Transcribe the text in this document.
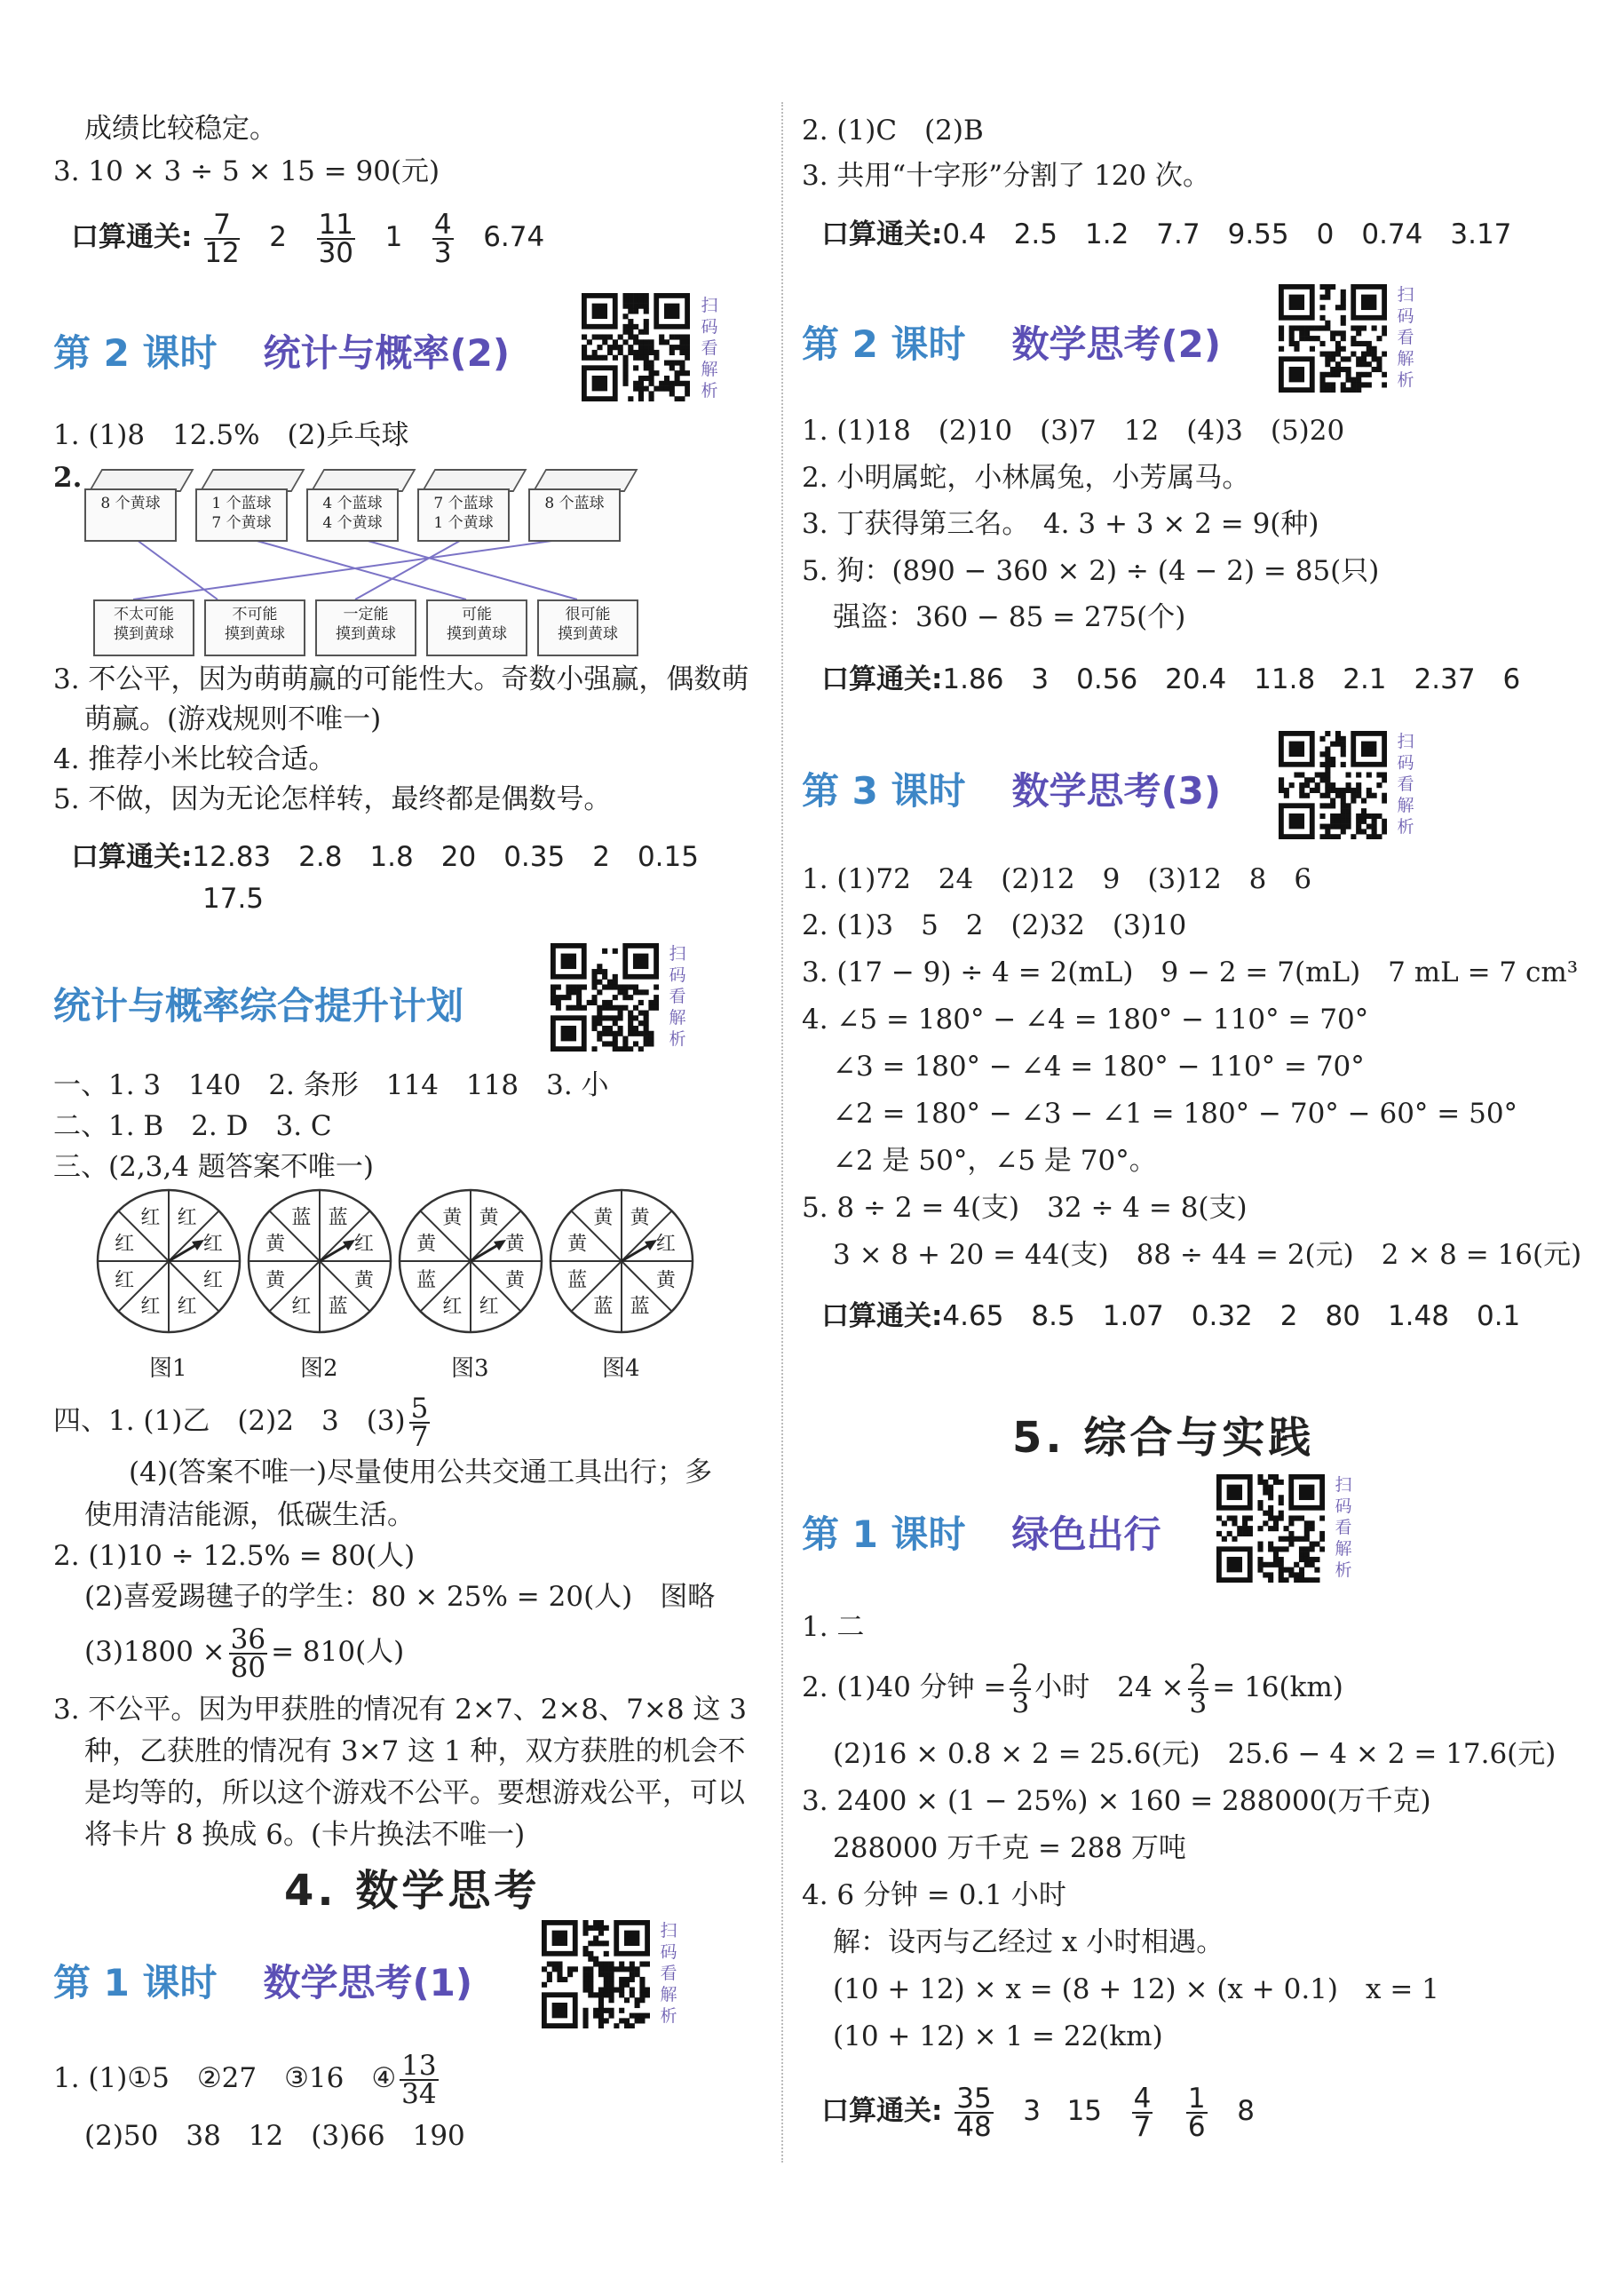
成绩比较稳定。
3. 10 × 3 ÷ 5 × 15 = 90(元)
口算通关: $\frac{7}{12} 2 \frac{11}{30} 1 \frac{4}{3} 6.74$
第 2 课时 统计与概率(2)
扫
码
看
解
析
1. (1)8　12.5%　(2)乒乓球
2.
8 个黄球	1 个蓝球
7 个黄球
4 个蓝球
4 个黄球
7 个蓝球
1 个黄球
8 个蓝球
不太可能
摸到黄球
不可能
摸到黄球
一定能
摸到黄球
可能
摸到黄球
很可能
摸到黄球
3. 不公平，因为萌萌赢的可能性大。奇数小强赢，偶数萌
萌赢。(游戏规则不唯一)
4. 推荐小米比较合适。
5. 不做，因为无论怎样转，最终都是偶数号。
口算通关:12.83　2.8　1.8　20　0.35　2　0.15
17.5
统计与概率综合提升计划
扫
码
看
解
析
一、1. 3　140　2. 条形　114　118　3. 小
二、1. B　2. D　3. C
三、(2,3,4 题答案不唯一)
红
红
红
红
红
红
红
红
图1
蓝
红
黄
蓝
红
黄
黄
蓝
图2
黄
黄
黄
红
红
蓝
黄
黄
图3
黄
红
黄
蓝
蓝
蓝
黄
黄
图4
四、1. (1)乙　(2)2　3　$(3) \frac{5}{7}$
(4)(答案不唯一)尽量使用公共交通工具出行；多
使用清洁能源，低碳生活。
2. (1)10 ÷ 12.5% = 80(人)
(2)喜爱踢毽子的学生：80 × 25% = 20(人)　图略
$(3)1800 \times \frac{36}{80} = 810$(人)
3. 不公平。因为甲获胜的情况有 2×7、2×8、7×8 这 3
种，乙获胜的情况有 3×7 这 1 种，双方获胜的机会不
是均等的，所以这个游戏不公平。要想游戏公平，可以
将卡片 8 换成 6。(卡片换法不唯一)
4. 数学思考
第 1 课时 数学思考(1)
扫
码
看
解
析
1. (1)①5　②27　③16　④ $\frac{13}{34}$
(2)50　38　12　(3)66　190
2. (1)C　(2)B
3. 共用“十字形”分割了 120 次。
口算通关:0.4　2.5　1.2　7.7　9.55　0　0.74　3.17
第 2 课时 数学思考(2)
扫
码
看
解
析
1. (1)18　(2)10　(3)7　12　(4)3　(5)20
2. 小明属蛇，小林属兔，小芳属马。
3. 丁获得第三名。　4. 3 + 3 × 2 = 9(种)
5. 狗：(890 − 360 × 2) ÷ (4 − 2) = 85(只)
强盗：360 − 85 = 275(个)
口算通关:1.86　3　0.56　20.4　11.8　2.1　2.37　6
第 3 课时 数学思考(3)
扫
码
看
解
析
1. (1)72　24　(2)12　9　(3)12　8　6
2. (1)3　5　2　(2)32　(3)10
3. (17 − 9) ÷ 4 = 2(mL)　9 − 2 = 7(mL)　7 mL = 7 cm³
4. ∠5 = 180° − ∠4 = 180° − 110° = 70°
∠3 = 180° − ∠4 = 180° − 110° = 70°
∠2 = 180° − ∠3 − ∠1 = 180° − 70° − 60° = 50°
∠2 是 50°，∠5 是 70°。
5. 8 ÷ 2 = 4(支)　32 ÷ 4 = 8(支)
3 × 8 + 20 = 44(支)　88 ÷ 44 = 2(元)　2 × 8 = 16(元)
口算通关:4.65　8.5　1.07　0.32　2　80　1.48　0.1
5. 综合与实践
第 1 课时 绿色出行
扫
码
看
解
析
1. 二
2. (1)40 分钟 = $\frac{2}{3}$ 小时　$24 \times \frac{2}{3} = 16(km)$
(2)16 × 0.8 × 2 = 25.6(元)　25.6 − 4 × 2 = 17.6(元)
3. 2400 × (1 − 25%) × 160 = 288000(万千克)
288000 万千克 = 288 万吨
4. 6 分钟 = 0.1 小时
解：设丙与乙经过 x 小时相遇。
(10 + 12) × x = (8 + 12) × (x + 0.1)　x = 1
(10 + 12) × 1 = 22(km)
口算通关: $\frac{35}{48} 3$ $15 \frac{4}{7}$
$\frac{1}{6} 8$
